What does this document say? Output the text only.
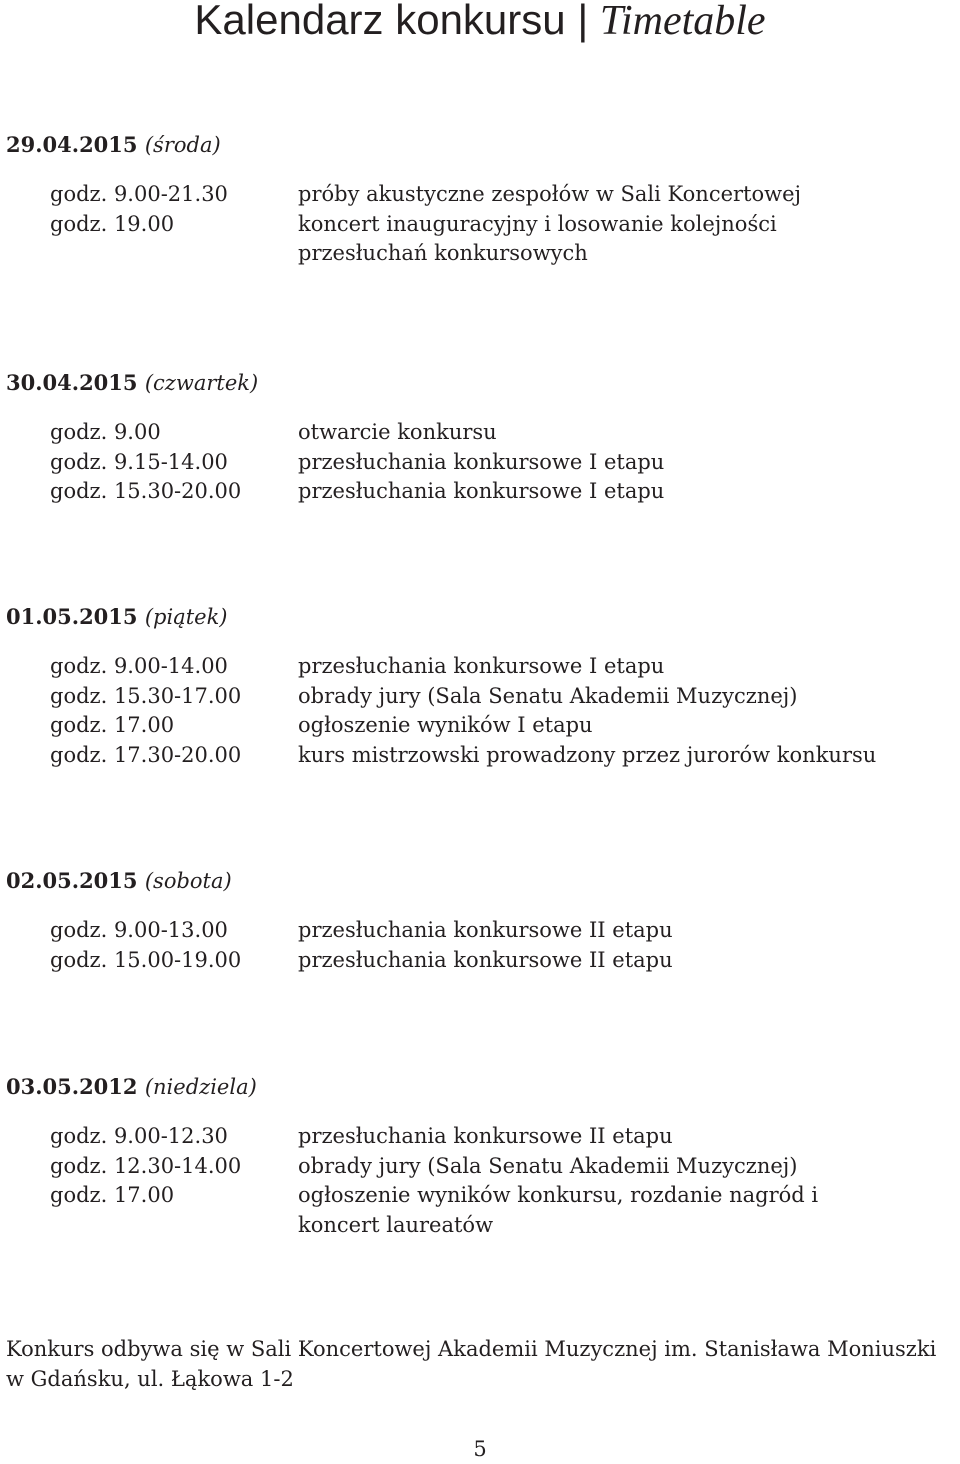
Kalendarz konkursu | Timetable
29.04.2015 (środa)
godz. 9.00-21.30	próby akustyczne zespołów w Sali Koncertowej
godz. 19.00	koncert inauguracyjny i losowanie kolejności przesłuchań konkursowych
30.04.2015 (czwartek)
godz. 9.00	otwarcie konkursu
godz. 9.15-14.00	przesłuchania konkursowe I etapu
godz. 15.30-20.00	przesłuchania konkursowe I etapu
01.05.2015 (piątek)
godz. 9.00-14.00	przesłuchania konkursowe I etapu
godz. 15.30-17.00	obrady jury (Sala Senatu Akademii Muzycznej)
godz. 17.00	ogłoszenie wyników I etapu
godz. 17.30-20.00	kurs mistrzowski prowadzony przez jurorów konkursu
02.05.2015 (sobota)
godz. 9.00-13.00	przesłuchania konkursowe II etapu
godz. 15.00-19.00	przesłuchania konkursowe II etapu
03.05.2012 (niedziela)
godz. 9.00-12.30	przesłuchania konkursowe II etapu
godz. 12.30-14.00	obrady jury (Sala Senatu Akademii Muzycznej)
godz. 17.00	ogłoszenie wyników konkursu, rozdanie nagród i koncert laureatów

Konkurs odbywa się w Sali Koncertowej Akademii Muzycznej im. Stanisława Moniuszki
w Gdańsku, ul. Łąkowa 1-2

5
